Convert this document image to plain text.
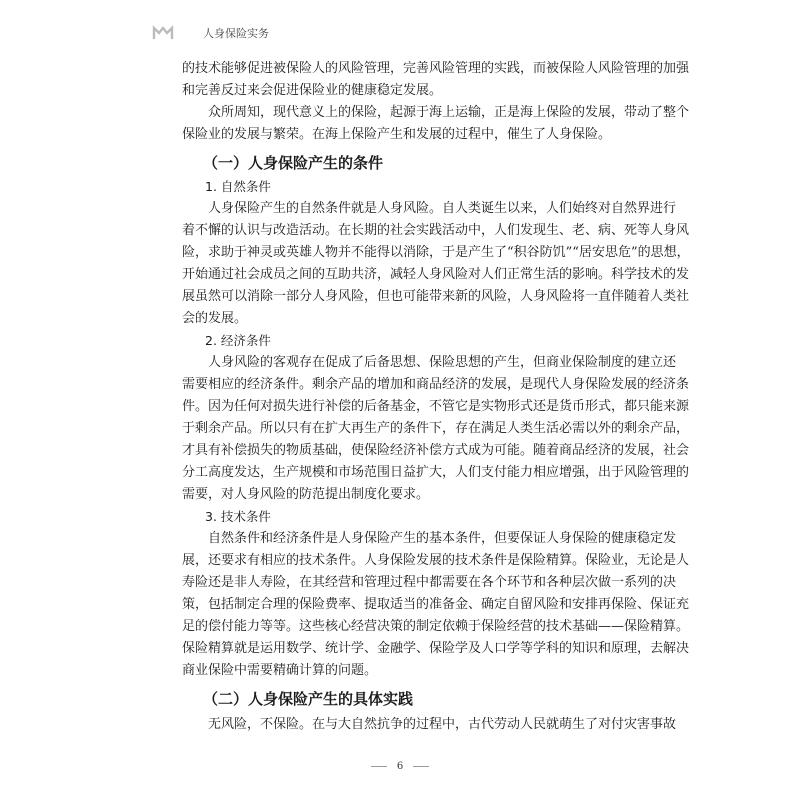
人身保险实务
的技术能够促进被保险人的风险管理，完善风险管理的实践，而被保险人风险管理的加强
和完善反过来会促进保险业的健康稳定发展。
众所周知，现代意义上的保险，起源于海上运输，正是海上保险的发展，带动了整个
保险业的发展与繁荣。在海上保险产生和发展的过程中，催生了人身保险。
（一）人身保险产生的条件
1. 自然条件
人身保险产生的自然条件就是人身风险。自人类诞生以来，人们始终对自然界进行
着不懈的认识与改造活动。在长期的社会实践活动中，人们发现生、老、病、死等人身风
险，求助于神灵或英雄人物并不能得以消除，于是产生了“积谷防饥”“居安思危”的思想，
开始通过社会成员之间的互助共济，减轻人身风险对人们正常生活的影响。科学技术的发
展虽然可以消除一部分人身风险，但也可能带来新的风险，人身风险将一直伴随着人类社
会的发展。
2. 经济条件
人身风险的客观存在促成了后备思想、保险思想的产生，但商业保险制度的建立还
需要相应的经济条件。剩余产品的增加和商品经济的发展，是现代人身保险发展的经济条
件。因为任何对损失进行补偿的后备基金，不管它是实物形式还是货币形式，都只能来源
于剩余产品。所以只有在扩大再生产的条件下，存在满足人类生活必需以外的剩余产品，
才具有补偿损失的物质基础，使保险经济补偿方式成为可能。随着商品经济的发展，社会
分工高度发达，生产规模和市场范围日益扩大，人们支付能力相应增强，出于风险管理的
需要，对人身风险的防范提出制度化要求。
3. 技术条件
自然条件和经济条件是人身保险产生的基本条件，但要保证人身保险的健康稳定发
展，还要求有相应的技术条件。人身保险发展的技术条件是保险精算。保险业，无论是人
寿险还是非人寿险，在其经营和管理过程中都需要在各个环节和各种层次做一系列的决
策，包括制定合理的保险费率、提取适当的准备金、确定自留风险和安排再保险、保证充
足的偿付能力等等。这些核心经营决策的制定依赖于保险经营的技术基础——保险精算。
保险精算就是运用数学、统计学、金融学、保险学及人口学等学科的知识和原理，去解决
商业保险中需要精确计算的问题。
（二）人身保险产生的具体实践
无风险，不保险。在与大自然抗争的过程中，古代劳动人民就萌生了对付灾害事故
6
